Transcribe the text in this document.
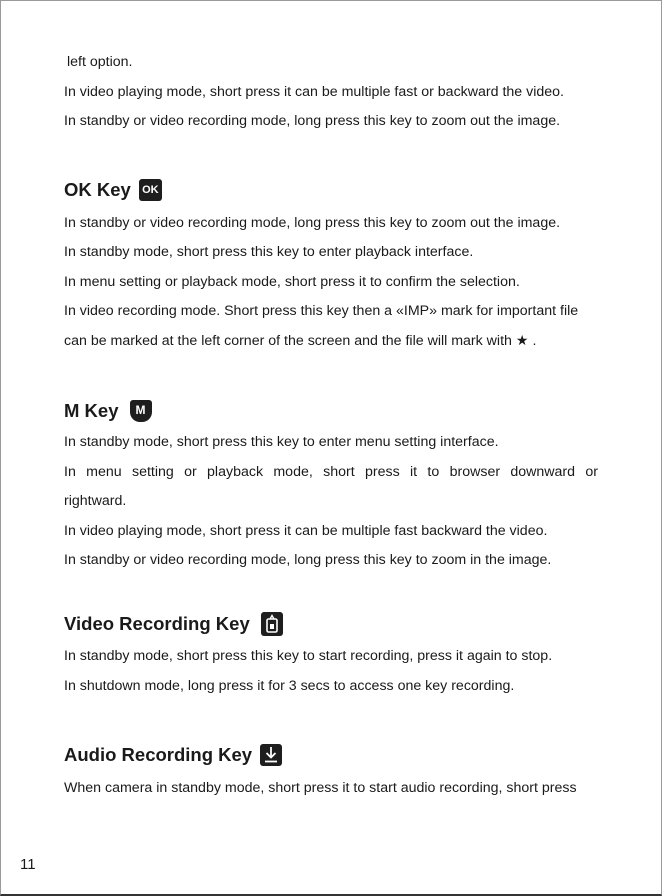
left option.
In video playing mode, short press it can be multiple fast or backward the video.
In standby or video recording mode, long press this key to zoom out the image.
OK Key OK
In standby or video recording mode, long press this key to zoom out the image.
In standby mode, short press this key to enter playback interface.
In menu setting or playback mode, short press it to confirm the selection.
In video recording mode. Short press this key then a «IMP» mark for important file
can be marked at the left corner of the screen and the file will mark with ★ .
M Key	M
In standby mode, short press this key to enter menu setting interface.
In menu setting or playback mode, short press it to browser downward or
rightward.
In video playing mode, short press it can be multiple fast backward the video.
In standby or video recording mode, long press this key to zoom in the image.
Video Recording Key
In standby mode, short press this key to start recording, press it again to stop.
In shutdown mode, long press it for 3 secs to access one key recording.
Audio Recording Key
When camera in standby mode, short press it to start audio recording, short press
11
